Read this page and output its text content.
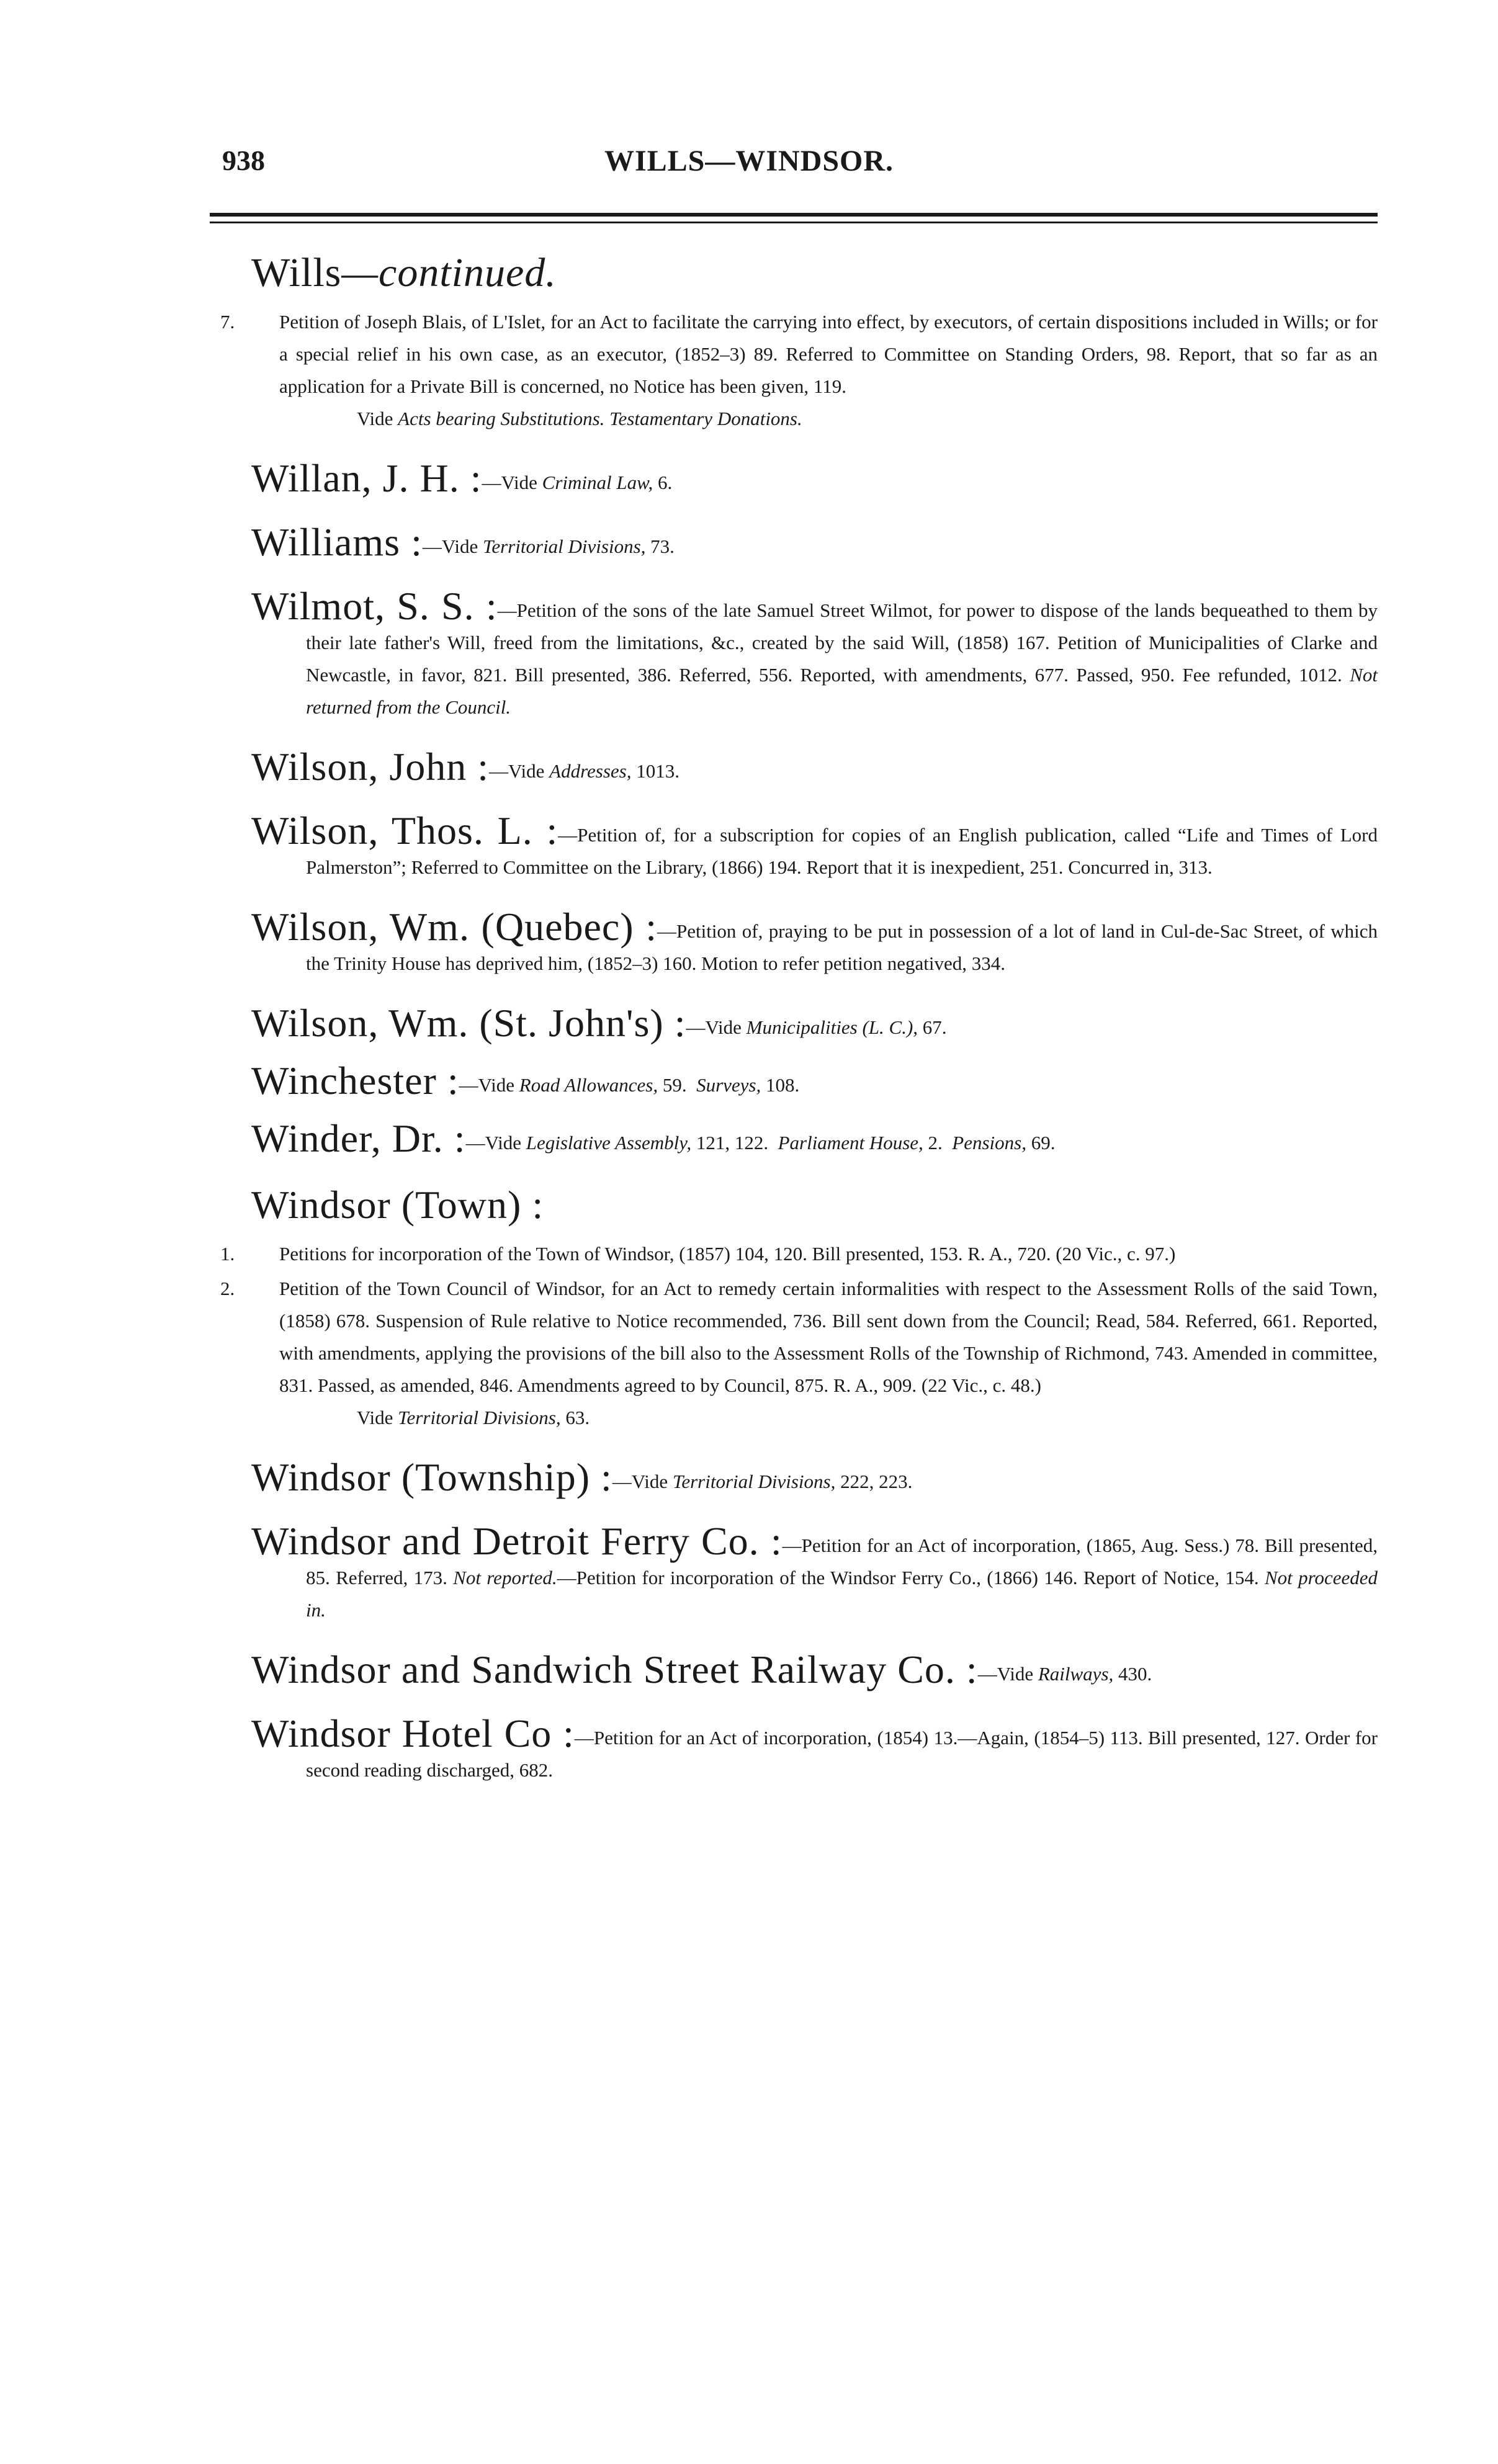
938	WILLS—WINDSOR.
Wills—continued.
7.	Petition of Joseph Blais, of L'Islet, for an Act to facilitate the carrying into effect, by executors, of certain dispositions included in Wills; or for a special relief in his own case, as an executor, (1852–3) 89. Referred to Committee on Standing Orders, 98. Report, that so far as an application for a Private Bill is concerned, no Notice has been given, 119.
Vide Acts bearing Substitutions. Testamentary Donations.
Willan, J. H. :—Vide Criminal Law, 6.
Williams :—Vide Territorial Divisions, 73.
Wilmot, S. S. :—Petition of the sons of the late Samuel Street Wilmot, for power to dispose of the lands bequeathed to them by their late father's Will, freed from the limitations, &c., created by the said Will, (1858) 167. Petition of Municipalities of Clarke and Newcastle, in favor, 821. Bill presented, 386. Referred, 556. Reported, with amendments, 677. Passed, 950. Fee refunded, 1012. Not returned from the Council.
Wilson, John :—Vide Addresses, 1013.
Wilson, Thos. L. :—Petition of, for a subscription for copies of an English publication, called “Life and Times of Lord Palmerston”; Referred to Committee on the Library, (1866) 194. Report that it is inexpedient, 251. Concurred in, 313.
Wilson, Wm. (Quebec) :—Petition of, praying to be put in possession of a lot of land in Cul-de-Sac Street, of which the Trinity House has deprived him, (1852–3) 160. Motion to refer petition negatived, 334.
Wilson, Wm. (St. John's) :—Vide Municipalities (L. C.), 67.
Winchester :—Vide Road Allowances, 59. Surveys, 108.
Winder, Dr. :—Vide Legislative Assembly, 121, 122. Parliament House, 2. Pensions, 69.
Windsor (Town) :
1.	Petitions for incorporation of the Town of Windsor, (1857) 104, 120. Bill presented, 153. R. A., 720. (20 Vic., c. 97.)
2.	Petition of the Town Council of Windsor, for an Act to remedy certain informalities with respect to the Assessment Rolls of the said Town, (1858) 678. Suspension of Rule relative to Notice recommended, 736. Bill sent down from the Council; Read, 584. Referred, 661. Reported, with amendments, applying the provisions of the bill also to the Assessment Rolls of the Township of Richmond, 743. Amended in committee, 831. Passed, as amended, 846. Amendments agreed to by Council, 875. R. A., 909. (22 Vic., c. 48.)
Vide Territorial Divisions, 63.
Windsor (Township) :—Vide Territorial Divisions, 222, 223.
Windsor and Detroit Ferry Co. :—Petition for an Act of incorporation, (1865, Aug. Sess.) 78. Bill presented, 85. Referred, 173. Not reported.—Petition for incorporation of the Windsor Ferry Co., (1866) 146. Report of Notice, 154. Not proceeded in.
Windsor and Sandwich Street Railway Co. :—Vide Railways, 430.
Windsor Hotel Co :—Petition for an Act of incorporation, (1854) 13.—Again, (1854–5) 113. Bill presented, 127. Order for second reading discharged, 682.
